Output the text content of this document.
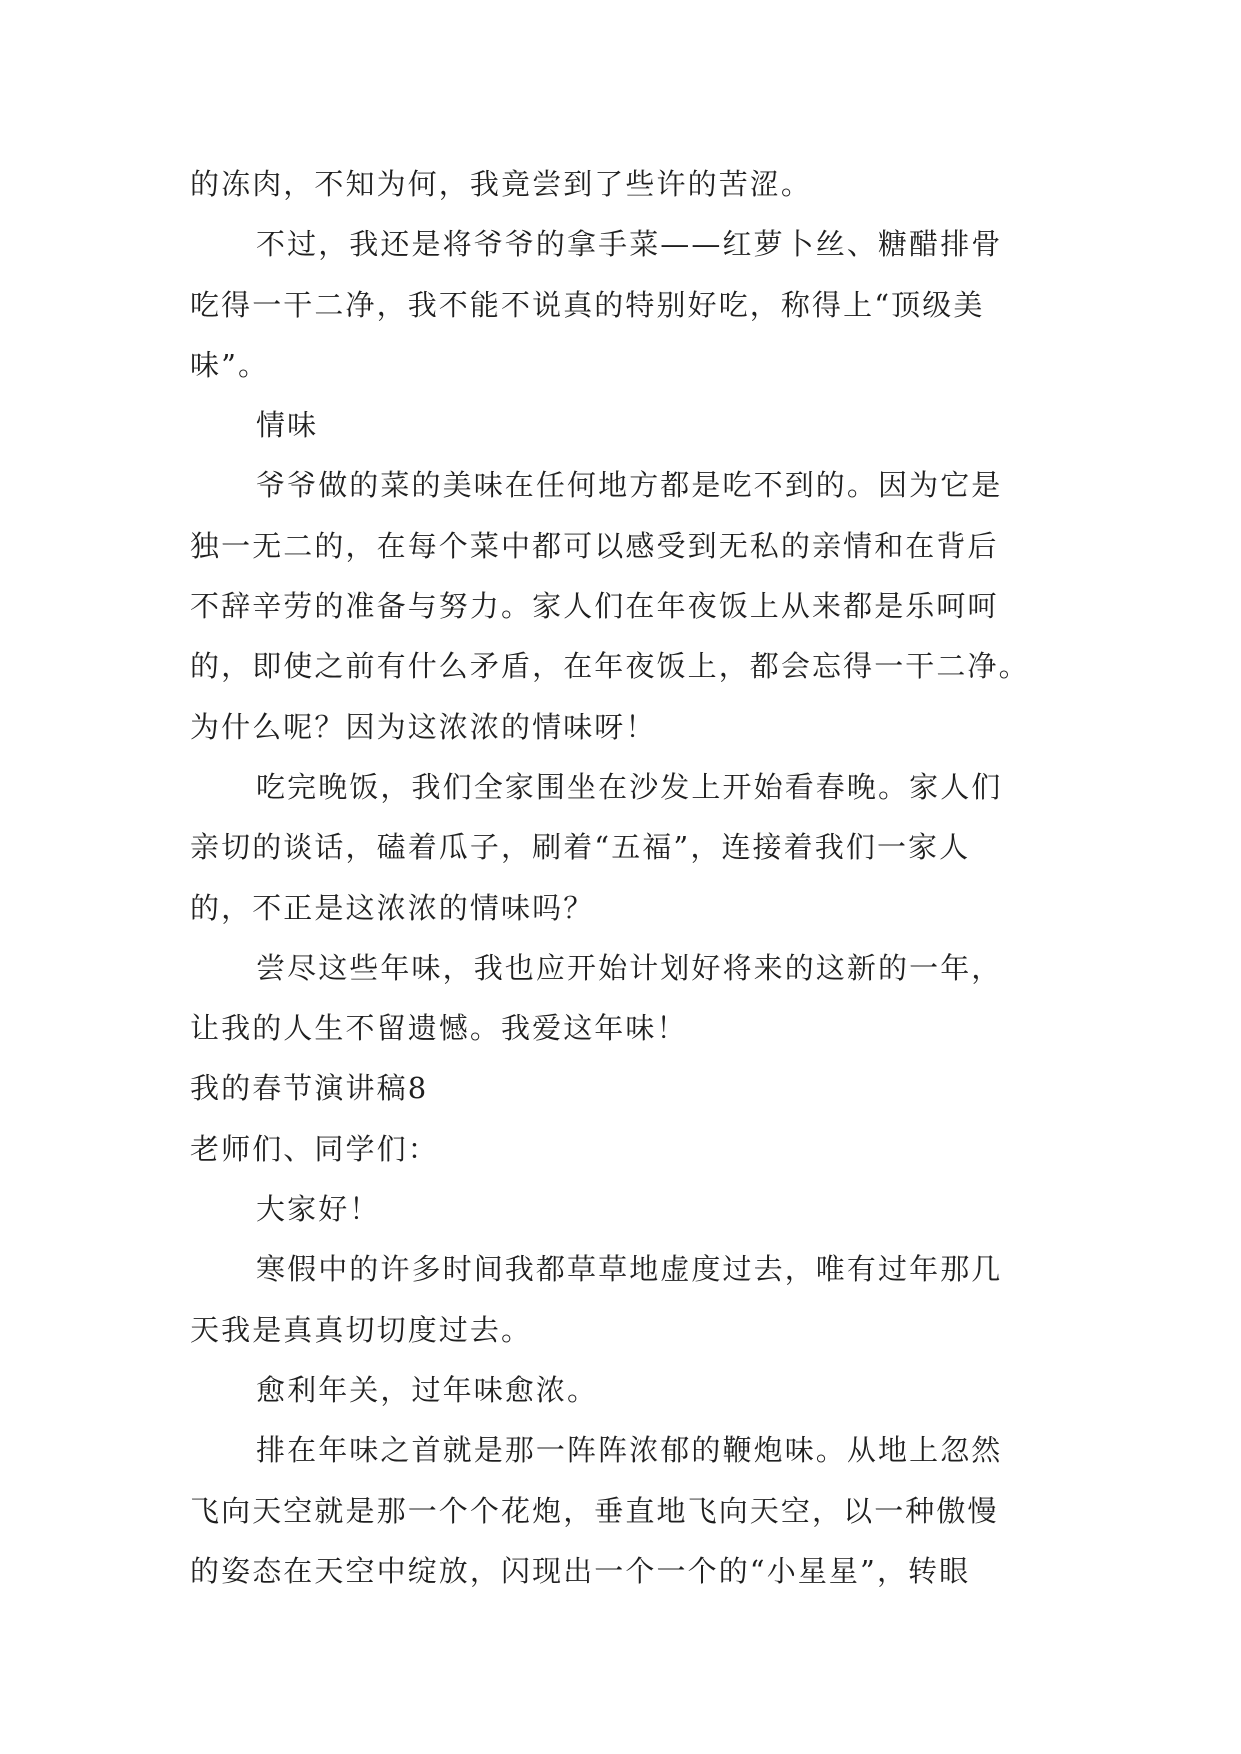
的冻肉，不知为何，我竟尝到了些许的苦涩。
不过，我还是将爷爷的拿手菜——红萝卜丝、糖醋排骨
吃得一干二净，我不能不说真的特别好吃，称得上“顶级美
味”。
情味
爷爷做的菜的美味在任何地方都是吃不到的。因为它是
独一无二的，在每个菜中都可以感受到无私的亲情和在背后
不辞辛劳的准备与努力。家人们在年夜饭上从来都是乐呵呵
的，即使之前有什么矛盾，在年夜饭上，都会忘得一干二净。
为什么呢？因为这浓浓的情味呀！
吃完晚饭，我们全家围坐在沙发上开始看春晚。家人们
亲切的谈话，磕着瓜子，刷着“五福”，连接着我们一家人
的，不正是这浓浓的情味吗？
尝尽这些年味，我也应开始计划好将来的这新的一年，
让我的人生不留遗憾。我爱这年味！
我的春节演讲稿8
老师们、同学们：
大家好！
寒假中的许多时间我都草草地虚度过去，唯有过年那几
天我是真真切切度过去。
愈利年关，过年味愈浓。
排在年味之首就是那一阵阵浓郁的鞭炮味。从地上忽然
飞向天空就是那一个个花炮，垂直地飞向天空，以一种傲慢
的姿态在天空中绽放，闪现出一个一个的“小星星”，转眼
